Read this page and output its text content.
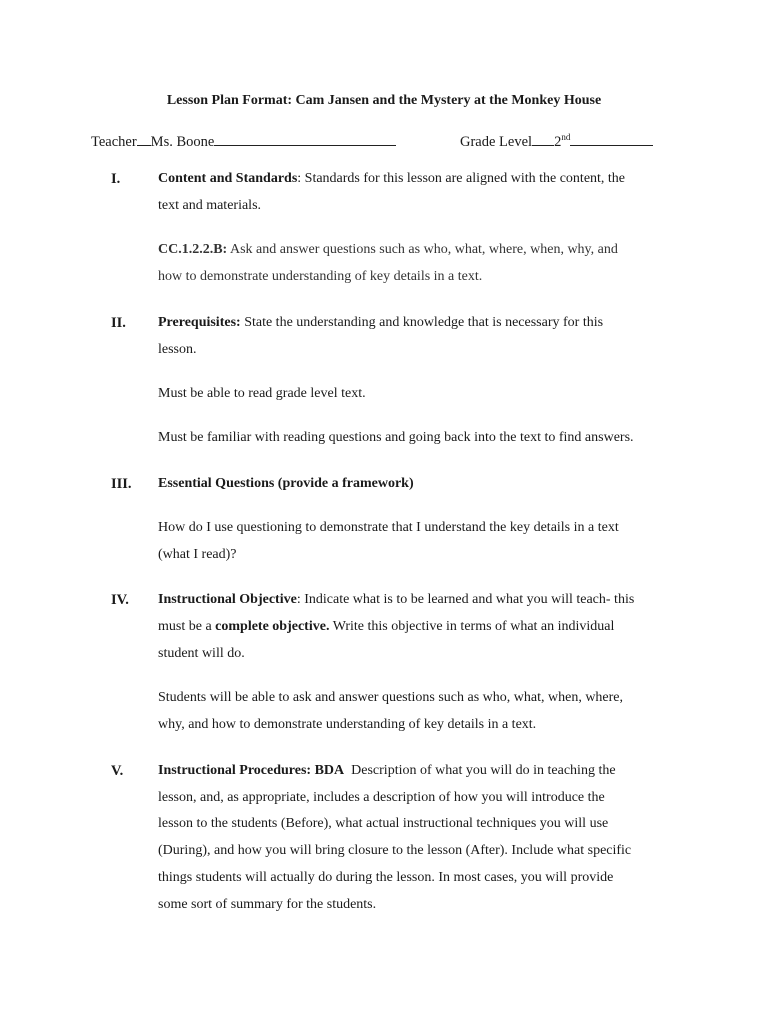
Lesson Plan Format: Cam Jansen and the Mystery at the Monkey House
Teacher Ms. Boone	Grade Level 2nd
I.	Content and Standards: Standards for this lesson are aligned with the content, the
text and materials.
CC.1.2.2.B: Ask and answer questions such as who, what, where, when, why, and
how to demonstrate understanding of key details in a text.
II. Prerequisites: State the understanding and knowledge that is necessary for this
lesson.
Must be able to read grade level text.
Must be familiar with reading questions and going back into the text to find answers.
III. Essential Questions (provide a framework)
How do I use questioning to demonstrate that I understand the key details in a text
(what I read)?
IV. Instructional Objective: Indicate what is to be learned and what you will teach- this
must be a complete objective. Write this objective in terms of what an individual
student will do.
Students will be able to ask and answer questions such as who, what, when, where,
why, and how to demonstrate understanding of key details in a text.
V. Instructional Procedures: BDA  Description of what you will do in teaching the
lesson, and, as appropriate, includes a description of how you will introduce the
lesson to the students (Before), what actual instructional techniques you will use
(During), and how you will bring closure to the lesson (After). Include what specific
things students will actually do during the lesson. In most cases, you will provide
some sort of summary for the students.
